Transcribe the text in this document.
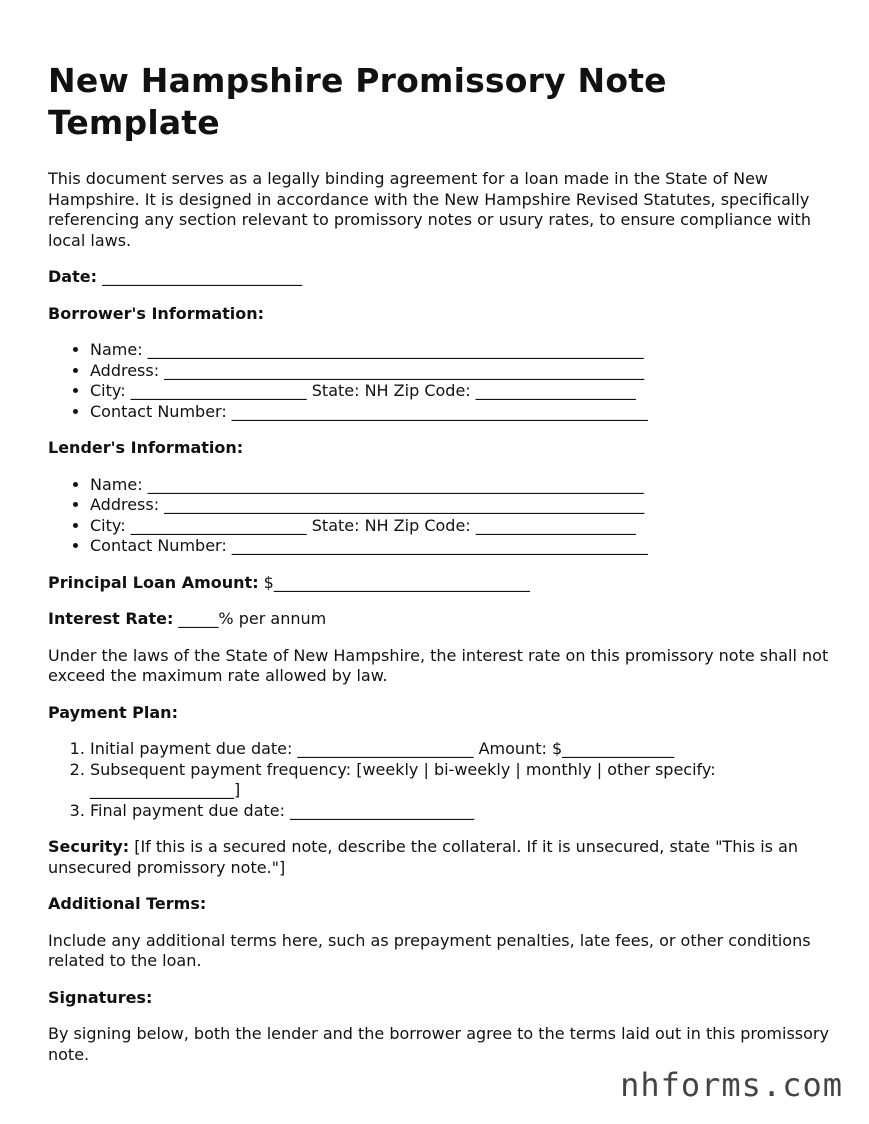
New Hampshire Promissory Note Template

This document serves as a legally binding agreement for a loan made in the State of New Hampshire. It is designed in accordance with the New Hampshire Revised Statutes, specifically referencing any section relevant to promissory notes or usury rates, to ensure compliance with local laws.

Date: _________________________

Borrower's Information:

• Name: ______________________________________________________________
• Address: ____________________________________________________________
• City: ______________________ State: NH Zip Code: ____________________
• Contact Number: ____________________________________________________

Lender's Information:

• Name: ______________________________________________________________
• Address: ____________________________________________________________
• City: ______________________ State: NH Zip Code: ____________________
• Contact Number: ____________________________________________________

Principal Loan Amount: $________________________________

Interest Rate: _____% per annum

Under the laws of the State of New Hampshire, the interest rate on this promissory note shall not exceed the maximum rate allowed by law.

Payment Plan:

1. Initial payment due date: ______________________ Amount: $______________
2. Subsequent payment frequency: [weekly | bi-weekly | monthly | other specify: __________________]
3. Final payment due date: _______________________

Security: [If this is a secured note, describe the collateral. If it is unsecured, state "This is an unsecured promissory note."]

Additional Terms:

Include any additional terms here, such as prepayment penalties, late fees, or other conditions related to the loan.

Signatures:

By signing below, both the lender and the borrower agree to the terms laid out in this promissory note.

nhforms.com
